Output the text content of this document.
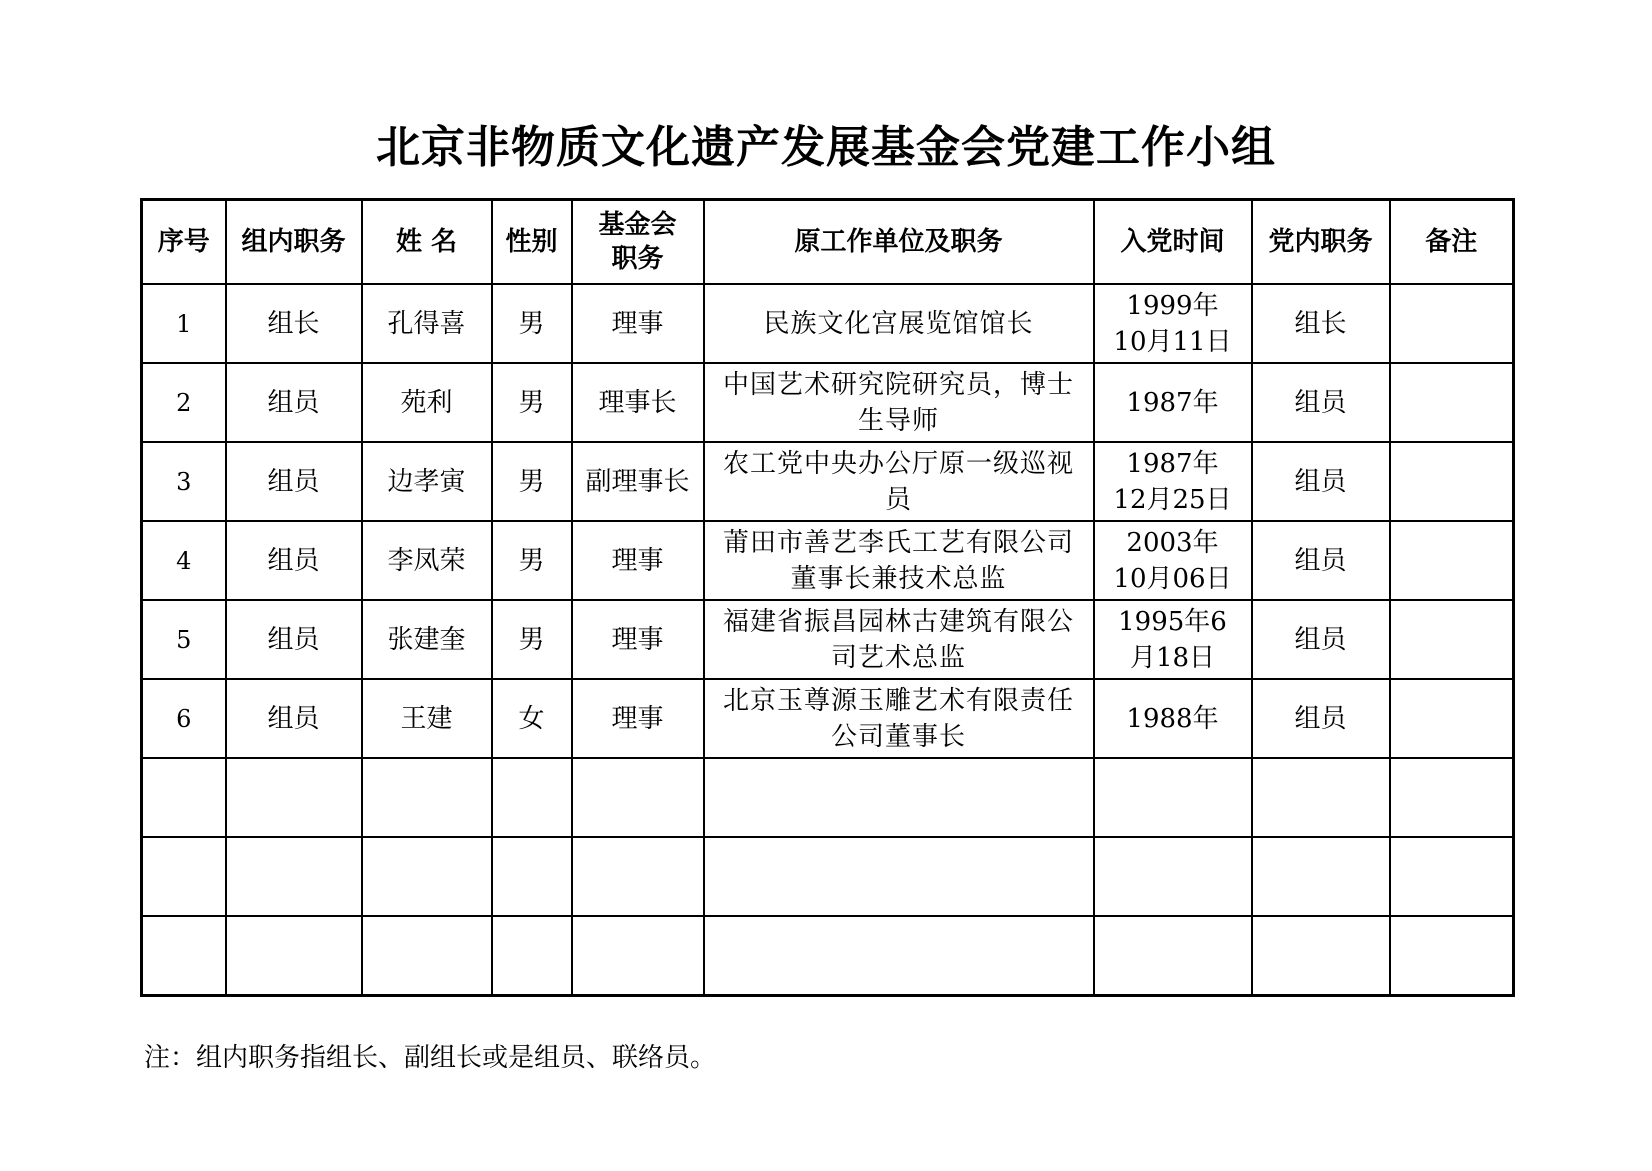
北京非物质文化遗产发展基金会党建工作小组
序号	组内职务	姓 名	性别	基金会职务	原工作单位及职务	入党时间	党内职务	备注
1	组长	孔得喜	男	理事	民族文化宫展览馆馆长	1999年10月11日	组长	
2	组员	苑利	男	理事长	中国艺术研究院研究员，博士生导师	1987年	组员	
3	组员	边孝寅	男	副理事长	农工党中央办公厅原一级巡视员	1987年12月25日	组员	
4	组员	李凤荣	男	理事	莆田市善艺李氏工艺有限公司董事长兼技术总监	2003年10月06日	组员	
5	组员	张建奎	男	理事	福建省振昌园林古建筑有限公司艺术总监	1995年6月18日	组员	
6	组员	王建	女	理事	北京玉尊源玉雕艺术有限责任公司董事长	1988年	组员	

注：组内职务指组长、副组长或是组员、联络员。
